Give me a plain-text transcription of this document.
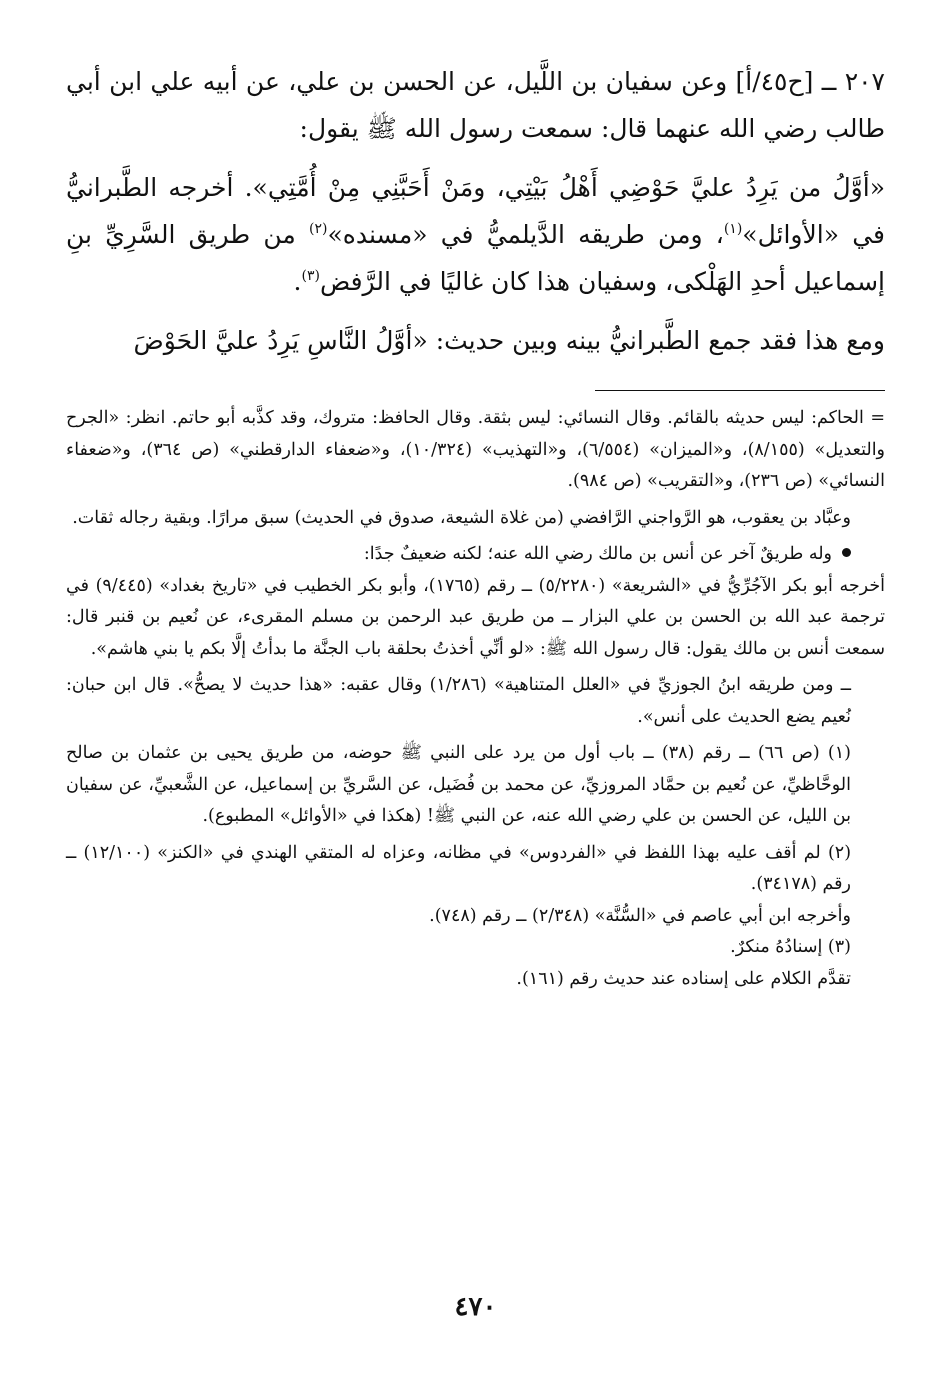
٢٠٧ ــ [ح٤٥/أ] وعن سفيان بن اللَّيل، عن الحسن بن علي، عن أبيه علي ابن أبي طالب رضي الله عنهما قال: سمعت رسول الله ﷺ يقول:

«أوَّلُ من يَرِدُ عليَّ حَوْضِي أَهْلُ بَيْتِي، ومَنْ أَحَبَّنِي مِنْ أُمَّتِي». أخرجه الطَّبرانيُّ في «الأوائل»$^{(١)}$، ومن طريقه الدَّيلميُّ في «مسنده»$^{(٢)}$ من طريق السَّرِيِّ بنِ إسماعيل أحدِ الهَلْكى، وسفيان هذا كان غاليًا في الرَّفض$^{(٣)}$.

ومع هذا فقد جمع الطَّبرانيُّ بينه وبين حديث: «أوَّلُ النَّاسِ يَرِدُ عليَّ الحَوْضَ

= الحاكم: ليس حديثه بالقائم. وقال النسائي: ليس بثقة. وقال الحافظ: متروك، وقد كذَّبه أبو حاتم. انظر: «الجرح والتعديل» (٨/١٥٥)، و«الميزان» (٦/٥٥٤)، و«التهذيب» (١٠/٣٢٤)، و«ضعفاء الدارقطني» (ص ٣٦٤)، و«ضعفاء النسائي» (ص ٢٣٦)، و«التقريب» (ص ٩٨٤).

وعبَّاد بن يعقوب، هو الرَّواجني الرَّافضي (من غلاة الشيعة، صدوق في الحديث) سبق مرارًا. وبقية رجاله ثقات.

وله طريقٌ آخر عن أنس بن مالك رضي الله عنه؛ لكنه ضعيفٌ جدًا:

أخرجه أبو بكر الآجُرِّيُّ في «الشريعة» (٥/٢٢٨٠) ــ رقم (١٧٦٥)، وأبو بكر الخطيب في «تاريخ بغداد» (٩/٤٤٥) في ترجمة عبد الله بن الحسن بن علي البزار ــ من طريق عبد الرحمن بن مسلم المقرىء، عن نُعيم بن قنبر قال: سمعت أنس بن مالك يقول: قال رسول الله ﷺ: «لو أنِّي أخذتُ بحلقة باب الجنَّة ما بدأتُ إلَّا بكم يا بني هاشم».

ــ ومن طريقه ابنُ الجوزيِّ في «العلل المتناهية» (١/٢٨٦) وقال عقبه: «هذا حديث لا يصحُّ». قال ابن حبان: نُعيم يضع الحديث على أنس».

(١) (ص ٦٦) ــ رقم (٣٨) ــ باب أول من يرد على النبي ﷺ حوضه، من طريق يحيى بن عثمان بن صالح الوحَّاظيِّ، عن نُعيم بن حمَّاد المروزيِّ، عن محمد بن فُضَيل، عن السَّريِّ بن إسماعيل، عن الشَّعبيِّ، عن سفيان بن الليل، عن الحسن بن علي رضي الله عنه، عن النبي ﷺ! (هكذا في «الأوائل» المطبوع).

(٢) لم أقف عليه بهذا اللفظ في «الفردوس» في مظانه، وعزاه له المتقي الهندي في «الكنز» (١٢/١٠٠) ــ رقم (٣٤١٧٨).

وأخرجه ابن أبي عاصم في «السُّنَّة» (٢/٣٤٨) ــ رقم (٧٤٨).

(٣) إسنادُهُ منكرٌ.

تقدَّم الكلام على إسناده عند حديث رقم (١٦١).

٤٧٠
